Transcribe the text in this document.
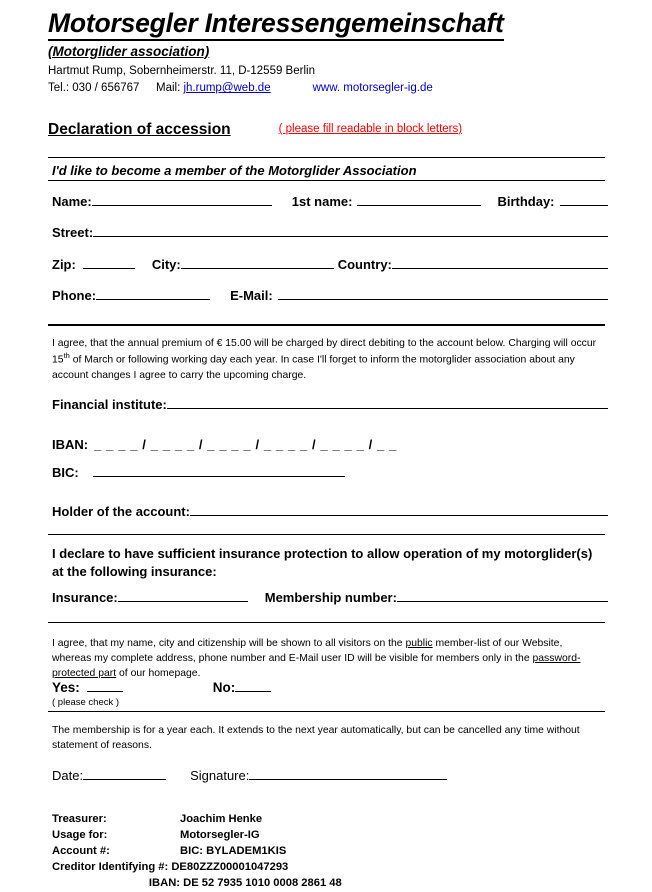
Motorsegler Interessengemeinschaft
(Motorglider association)
Hartmut Rump, Sobernheimerstr. 11, D-12559 Berlin
Tel.: 030 / 656767 Mail: jh.rump@web.de	www. motorsegler-ig.de
Declaration of accession	( please fill readable in block letters)
I'd like to become a member of the Motorglider Association
Name:	1st name:	Birthday:
Street:
Zip:	City:	Country:
Phone:	E-Mail:
I agree, that the annual premium of € 15.00 will be charged by direct debiting to the account below. Charging will occur 15th of March or following working day each year. In case I'll forget to inform the motorglider association about any account changes I agree to carry the upcoming charge.
Financial institute:
IBAN: _ _ _ _ / _ _ _ _ / _ _ _ _ / _ _ _ _ / _ _ _ _ / _ _
BIC:
Holder of the account:
I declare to have sufficient insurance protection to allow operation of my motorglider(s) at the following insurance:
Insurance:	Membership number:
I agree, that my name, city and citizenship will be shown to all visitors on the public member-list of our Website, whereas my complete address, phone number and E-Mail user ID will be visible for members only in the password-protected part of our homepage.
Yes:	No:
( please check )
The membership is for a year each. It extends to the next year automatically, but can be cancelled any time without statement of reasons.
Date:	Signature:
Treasurer:	Joachim Henke
Usage for:	Motorsegler-IG
Account #:	BIC: BYLADEM1KIS
Creditor Identifying #: DE80ZZZ00001047293
IBAN: DE 52 7935 1010 0008 2861 48
